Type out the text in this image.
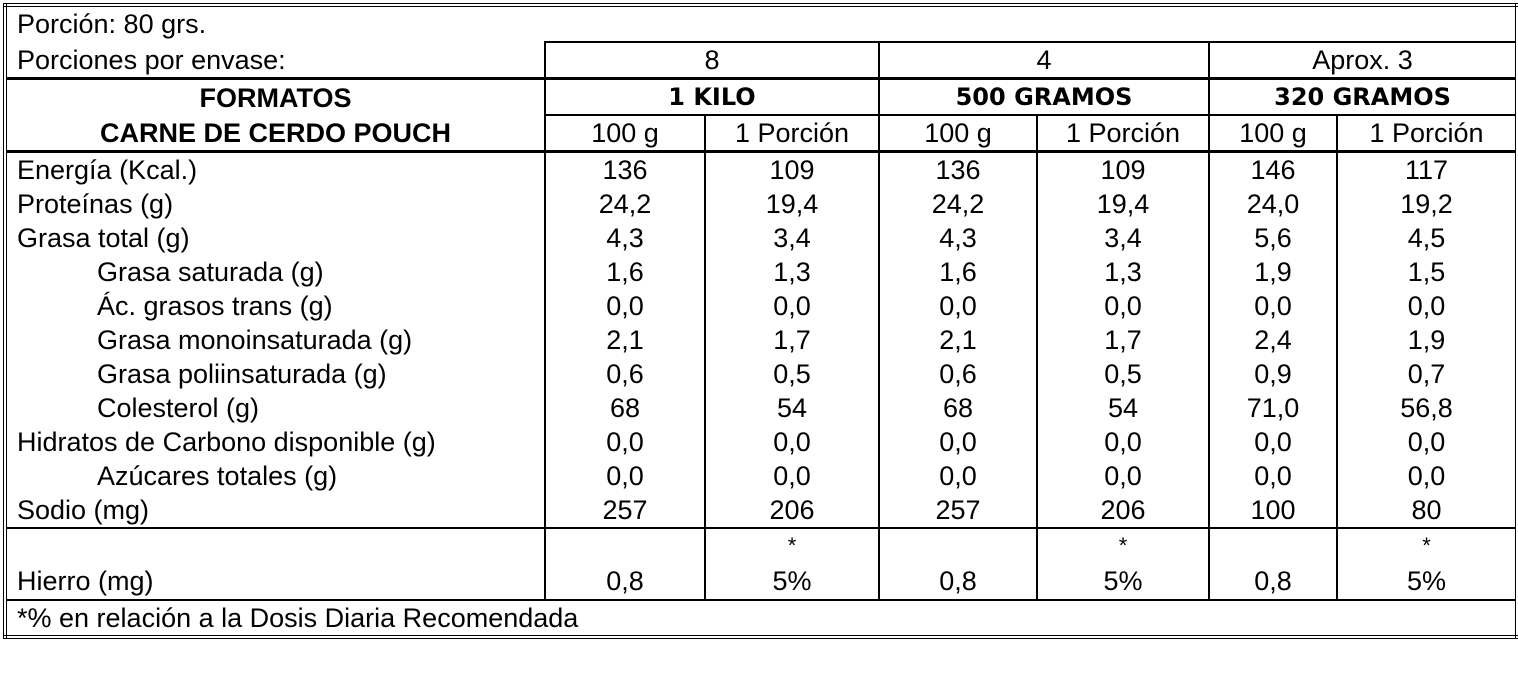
Porción: 80 grs.						
Porciones por envase:	8		4		Aprox. 3	
FORMATOS	1 KILO		500 GRAMOS		320 GRAMOS	
CARNE DE CERDO POUCH	100 g	1 Porción	100 g	1 Porción	100 g	1 Porción
Energía (Kcal.)	136	109	136	109	146	117
Proteínas (g)	24,2	19,4	24,2	19,4	24,0	19,2
Grasa total (g)	4,3	3,4	4,3	3,4	5,6	4,5
Grasa saturada (g)	1,6	1,3	1,6	1,3	1,9	1,5
Ác. grasos trans (g)	0,0	0,0	0,0	0,0	0,0	0,0
Grasa monoinsaturada (g)	2,1	1,7	2,1	1,7	2,4	1,9
Grasa poliinsaturada (g)	0,6	0,5	0,6	0,5	0,9	0,7
Colesterol (g)	68	54	68	54	71,0	56,8
Hidratos de Carbono disponible (g)	0,0	0,0	0,0	0,0	0,0	0,0
Azúcares totales (g)	0,0	0,0	0,0	0,0	0,0	0,0
Sodio (mg)	257	206	257	206	100	80
		*		*		*
Hierro (mg)	0,8	5%	0,8	5%	0,8	5%
*% en relación a la Dosis Diaria Recomendada						
